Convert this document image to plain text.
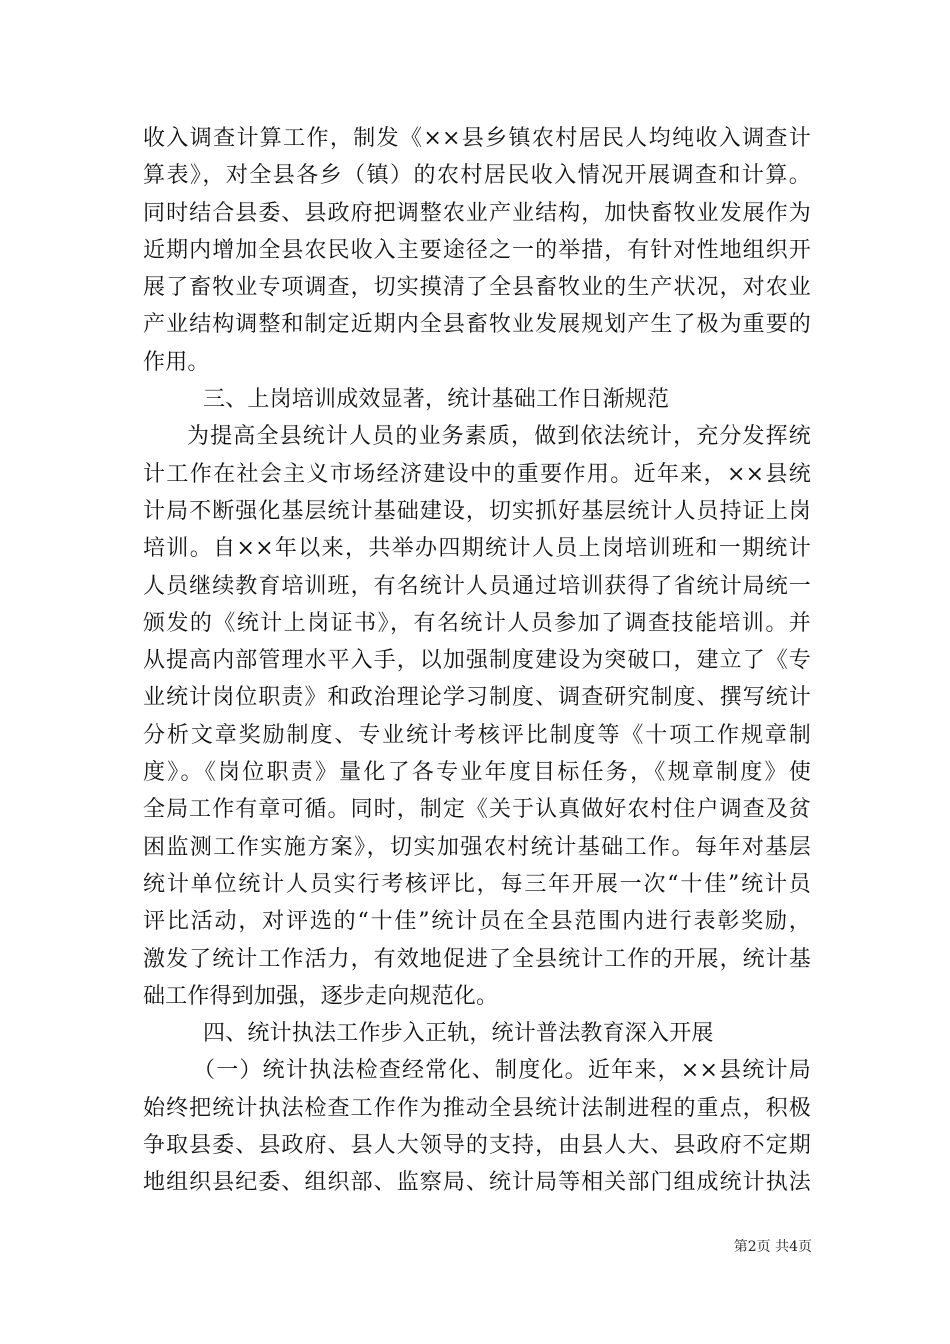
收入调查计算工作，制发《××县乡镇农村居民人均纯收入调查计
算表》，对全县各乡（镇）的农村居民收入情况开展调查和计算。
同时结合县委、县政府把调整农业产业结构，加快畜牧业发展作为
近期内增加全县农民收入主要途径之一的举措，有针对性地组织开
展了畜牧业专项调查，切实摸清了全县畜牧业的生产状况，对农业
产业结构调整和制定近期内全县畜牧业发展规划产生了极为重要的
作用。
三、上岗培训成效显著，统计基础工作日渐规范
为提高全县统计人员的业务素质，做到依法统计，充分发挥统
计工作在社会主义市场经济建设中的重要作用。近年来，××县统
计局不断强化基层统计基础建设，切实抓好基层统计人员持证上岗
培训。自××年以来，共举办四期统计人员上岗培训班和一期统计
人员继续教育培训班，有名统计人员通过培训获得了省统计局统一
颁发的《统计上岗证书》，有名统计人员参加了调查技能培训。并
从提高内部管理水平入手，以加强制度建设为突破口，建立了《专
业统计岗位职责》和政治理论学习制度、调查研究制度、撰写统计
分析文章奖励制度、专业统计考核评比制度等《十项工作规章制
度》。《岗位职责》量化了各专业年度目标任务，《规章制度》使
全局工作有章可循。同时，制定《关于认真做好农村住户调查及贫
困监测工作实施方案》，切实加强农村统计基础工作。每年对基层
统计单位统计人员实行考核评比，每三年开展一次“十佳”统计员
评比活动，对评选的“十佳”统计员在全县范围内进行表彰奖励，
激发了统计工作活力，有效地促进了全县统计工作的开展，统计基
础工作得到加强，逐步走向规范化。
四、统计执法工作步入正轨，统计普法教育深入开展
（一）统计执法检查经常化、制度化。近年来，××县统计局
始终把统计执法检查工作作为推动全县统计法制进程的重点，积极
争取县委、县政府、县人大领导的支持，由县人大、县政府不定期
地组织县纪委、组织部、监察局、统计局等相关部门组成统计执法
第2页 共4页
